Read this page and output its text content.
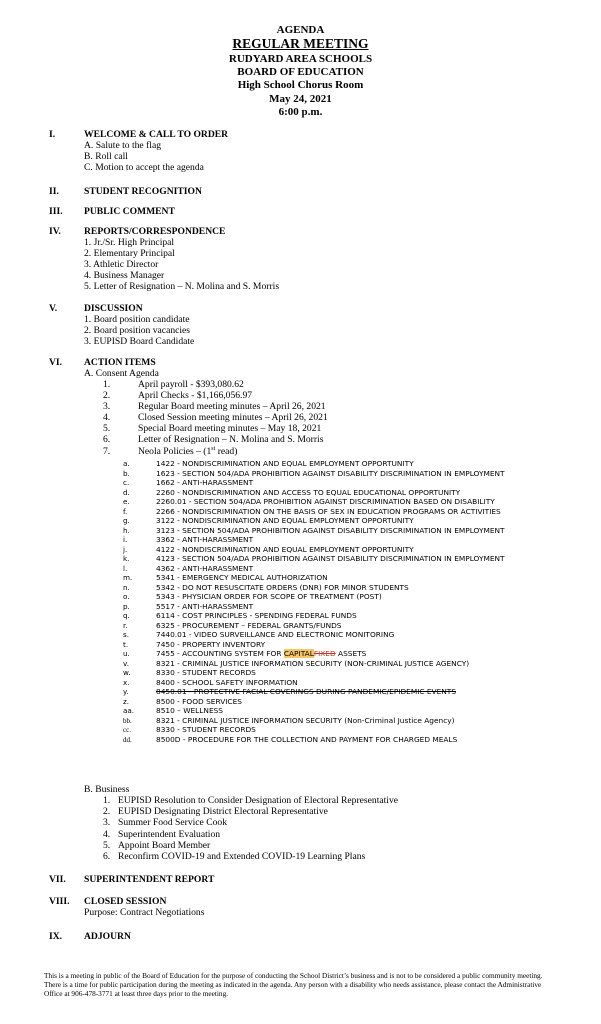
AGENDA
REGULAR MEETING
RUDYARD AREA SCHOOLS
BOARD OF EDUCATION
High School Chorus Room
May 24, 2021
6:00 p.m.
I.	WELCOME & CALL TO ORDER
A. Salute to the flag
B. Roll call
C. Motion to accept the agenda
II.	STUDENT RECOGNITION
III. PUBLIC COMMENT
IV. REPORTS/CORRESPONDENCE
1. Jr./Sr. High Principal
2. Elementary Principal
3. Athletic Director
4. Business Manager
5. Letter of Resignation – N. Molina and S. Morris
V.	DISCUSSION
1. Board position candidate
2. Board position vacancies
3. EUPISD Board Candidate
VI. ACTION ITEMS
A. Consent Agenda
1.	April payroll - $393,080.62
2.	April Checks - $1,166,056.97
3.	Regular Board meeting minutes – April 26, 2021
4.	Closed Session meeting minutes – April 26, 2021
5.	Special Board meeting minutes – May 18, 2021
6.	Letter of Resignation – N. Molina and S. Morris
7.	Neola Policies – (1st read)
a.	1422 - NONDISCRIMINATION AND EQUAL EMPLOYMENT OPPORTUNITY
b.	1623 - SECTION 504/ADA PROHIBITION AGAINST DISABILITY DISCRIMINATION IN EMPLOYMENT
c.	1662 - ANTI-HARASSMENT
d.	2260 - NONDISCRIMINATION AND ACCESS TO EQUAL EDUCATIONAL OPPORTUNITY
e.	2260.01 - SECTION 504/ADA PROHIBITION AGAINST DISCRIMINATION BASED ON DISABILITY
f.	2266 - NONDISCRIMINATION ON THE BASIS OF SEX IN EDUCATION PROGRAMS OR ACTIVITIES
g.	3122 - NONDISCRIMINATION AND EQUAL EMPLOYMENT OPPORTUNITY
h.	3123 - SECTION 504/ADA PROHIBITION AGAINST DISABILITY DISCRIMINATION IN EMPLOYMENT
i.	3362 - ANTI-HARASSMENT
j.	4122 - NONDISCRIMINATION AND EQUAL EMPLOYMENT OPPORTUNITY
k.	4123 - SECTION 504/ADA PROHIBITION AGAINST DISABILITY DISCRIMINATION IN EMPLOYMENT
l.	4362 - ANTI-HARASSMENT
m.	5341 - EMERGENCY MEDICAL AUTHORIZATION
n.	5342 - DO NOT RESUSCITATE ORDERS (DNR) FOR MINOR STUDENTS
o.	5343 - PHYSICIAN ORDER FOR SCOPE OF TREATMENT (POST)
p.	5517 - ANTI-HARASSMENT
q.	6114 - COST PRINCIPLES - SPENDING FEDERAL FUNDS
r.	6325 - PROCUREMENT – FEDERAL GRANTS/FUNDS
s.	7440.01 - VIDEO SURVEILLANCE AND ELECTRONIC MONITORING
t.	7450 - PROPERTY INVENTORY
u.	7455 - ACCOUNTING SYSTEM FOR CAPITALFIXED ASSETS
v.	8321 - CRIMINAL JUSTICE INFORMATION SECURITY (NON-CRIMINAL JUSTICE AGENCY)
w.	8330 - STUDENT RECORDS
x.	8400 - SCHOOL SAFETY INFORMATION
y.	8450.01 - PROTECTIVE FACIAL COVERINGS DURING PANDEMIC/EPIDEMIC EVENTS
z.	8500 - FOOD SERVICES
aa.	8510 – WELLNESS
bb.	8321 - CRIMINAL JUSTICE INFORMATION SECURITY (Non-Criminal Justice Agency)
cc.	8330 - STUDENT RECORDS
dd.	8500D - PROCEDURE FOR THE COLLECTION AND PAYMENT FOR CHARGED MEALS
B. Business
1. EUPISD Resolution to Consider Designation of Electoral Representative
2. EUPISD Designating District Electoral Representative
3. Summer Food Service Cook
4. Superintendent Evaluation
5. Appoint Board Member
6. Reconfirm COVID-19 and Extended COVID-19 Learning Plans
VII. SUPERINTENDENT REPORT
VIII. CLOSED SESSION
Purpose: Contract Negotiations
IX. ADJOURN
This is a meeting in public of the Board of Education for the purpose of conducting the School District’s business and is not to be considered a public community meeting. There is a time for public participation during the meeting as indicated in the agenda. Any person with a disability who needs assistance, please contact the Administrative Office at 906-478-3771 at least three days prior to the meeting.
